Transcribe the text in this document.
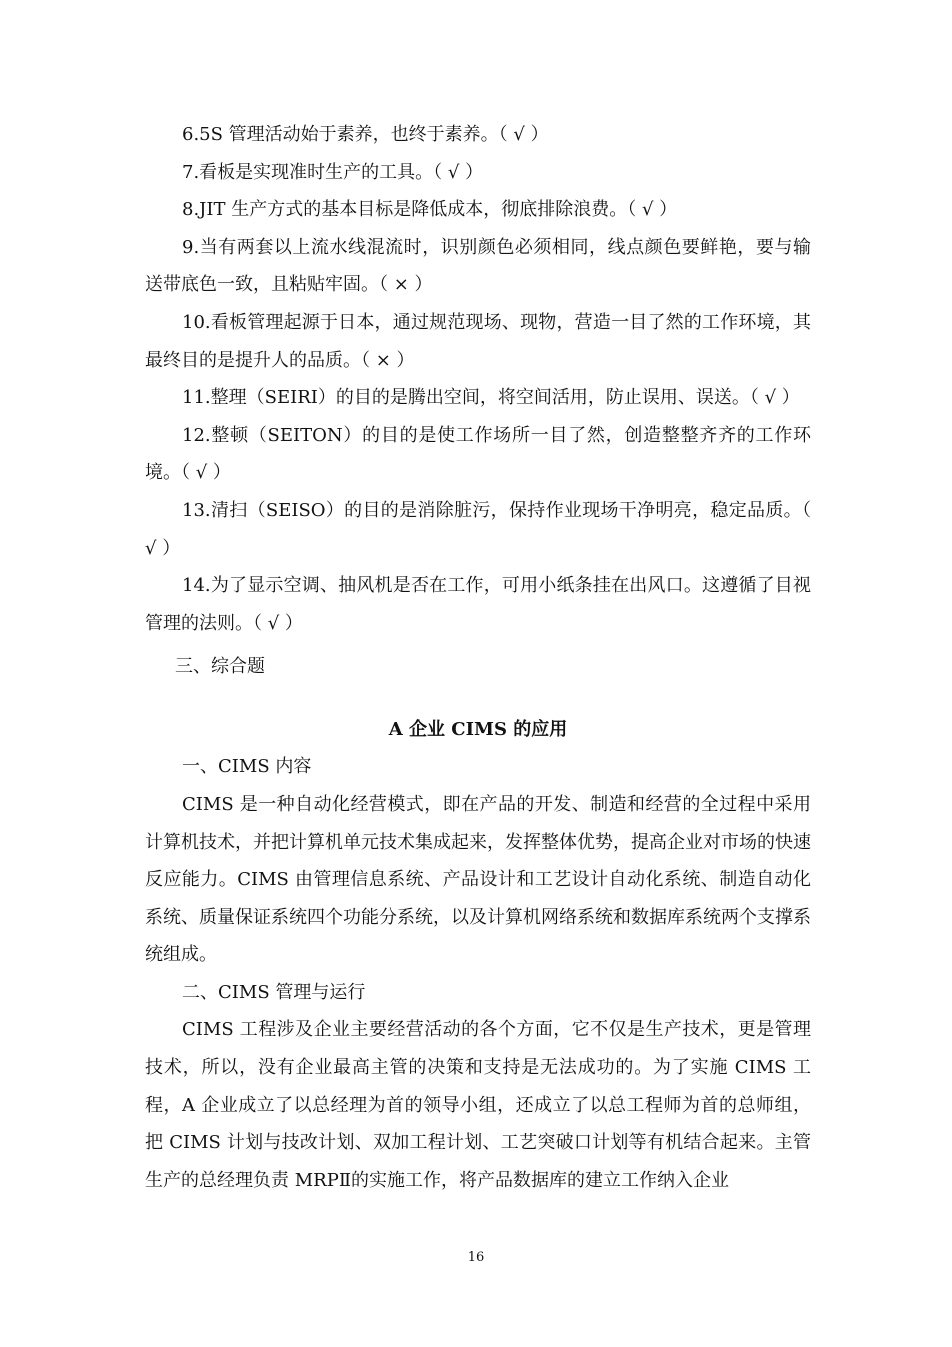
6.5S 管理活动始于素养，也终于素养。（ √ ）

7.看板是实现准时生产的工具。（ √ ）

8.JIT 生产方式的基本目标是降低成本，彻底排除浪费。（ √ ）

9.当有两套以上流水线混流时，识别颜色必须相同，线点颜色要鲜艳，要与输送带底色一致，且粘贴牢固。（ × ）

10.看板管理起源于日本，通过规范现场、现物，营造一目了然的工作环境，其最终目的是提升人的品质。（ × ）

11.整理（SEIRI）的目的是腾出空间，将空间活用，防止误用、误送。（ √ ）

12.整顿（SEITON）的目的是使工作场所一目了然，创造整整齐齐的工作环境。（ √ ）

13.清扫（SEISO）的目的是消除脏污，保持作业现场干净明亮，稳定品质。（ √ ）

14.为了显示空调、抽风机是否在工作，可用小纸条挂在出风口。这遵循了目视管理的法则。（ √ ）

三、综合题
A 企业 CIMS 的应用

一、CIMS 内容

CIMS 是一种自动化经营模式，即在产品的开发、制造和经营的全过程中采用计算机技术，并把计算机单元技术集成起来，发挥整体优势，提高企业对市场的快速反应能力。CIMS 由管理信息系统、产品设计和工艺设计自动化系统、制造自动化系统、质量保证系统四个功能分系统，以及计算机网络系统和数据库系统两个支撑系统组成。

二、CIMS 管理与运行

CIMS 工程涉及企业主要经营活动的各个方面，它不仅是生产技术，更是管理技术，所以，没有企业最高主管的决策和支持是无法成功的。为了实施 CIMS 工程，A 企业成立了以总经理为首的领导小组，还成立了以总工程师为首的总师组，把 CIMS 计划与技改计划、双加工程计划、工艺突破口计划等有机结合起来。主管生产的总经理负责 MRPⅡ的实施工作，将产品数据库的建立工作纳入企业

16
